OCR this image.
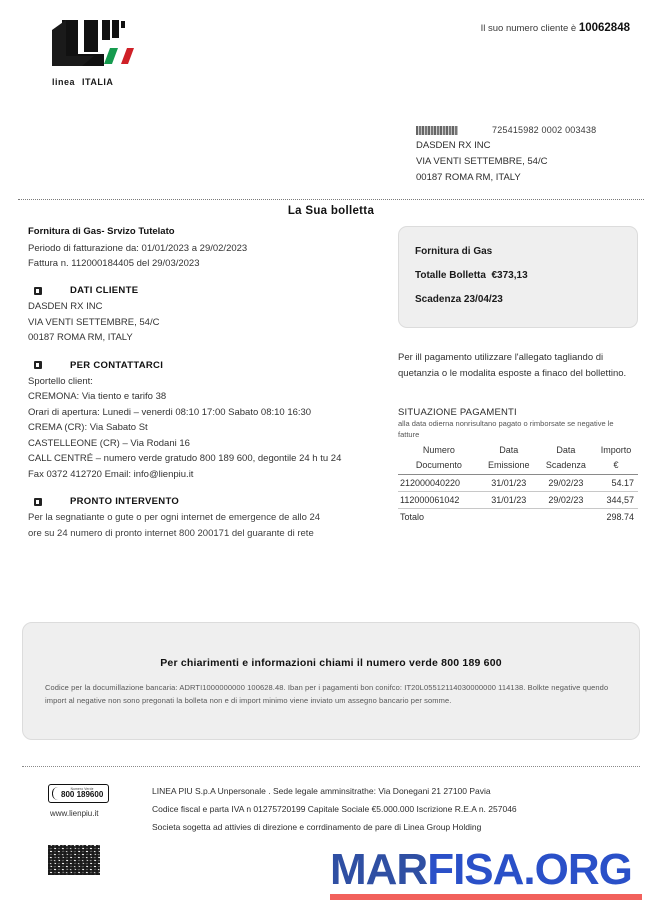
linea ITALIA
Il suo numero cliente è 10062848
725415982 0002 003438
DASDEN RX INC
VIA VENTI SETTEMBRE, 54/C
00187 ROMA RM, ITALY
La Sua bolletta
Fornitura di Gas- Srvizo Tutelato
Periodo di fatturazione da: 01/01/2023 a 29/02/2023
Fattura n. 112000184405 del 29/03/2023
DATI CLIENTE
DASDEN RX INC
VIA VENTI SETTEMBRE, 54/C
00187 ROMA RM, ITALY
PER CONTATTARCI
Sportello client:
CREMONA: Via tiento e tarifo 38
Orari di apertura: Lunedi – venerdi 08:10 17:00 Sabato 08:10 16:30
CREMA (CR): Via Sabato St
CASTELLEONE (CR) – Via Rodani 16
CALL CENTRÉ – numero verde gratudo 800 189 600, degontile 24 h tu 24
Fax 0372 412720 Email: info@lienpiu.it
PRONTO INTERVENTO
Per la segnatiante o gute o per ogni internet de emergence de allo 24
ore su 24 numero di pronto internet 800 200171 del guarante di rete
Fornitura di Gas
Totalle Bolletta €373,13
Scadenza 23/04/23
Per ill pagamento utilizzare l'allegato tagliando di quetanzia o le modalita esposte a finaco del bollettino.
SITUAZIONE PAGAMENTI
alla data odierna nonrisultano pagato o rimborsate se negative le fatture
Numero	Data	Data	Importo
Documento	Emissione	Scadenza	€
212000040220	31/01/23	29/02/23	54.17
112000061042	31/01/23	29/02/23	344,57
Totalo			298.74
Per chiarimenti e informazioni chiami il numero verde 800 189 600
Codice per la documillazione bancaria: ADRTI1000000000 100628.48. Iban per i pagamenti bon conifco: IT20L05512114030000000 114138. Bolkte negative quendo import al negative non sono pregonati la bolleta non e di import minimo viene inviato um assegno bancario per somme.
Numero Verde
800 189600
www.lienpiu.it
LINEA PIU S.p.A Unpersonale . Sede legale amminsitrathe: Via Donegani 21 27100 Pavia
Codice fiscal e parta IVA n 01275720199 Capitale Sociale €5.000.000 Iscrizione R.E.A n. 257046
Societa sogetta ad attivies di direzione e corrdinamento de pare di Linea Group Holding
MARFISA.ORG
